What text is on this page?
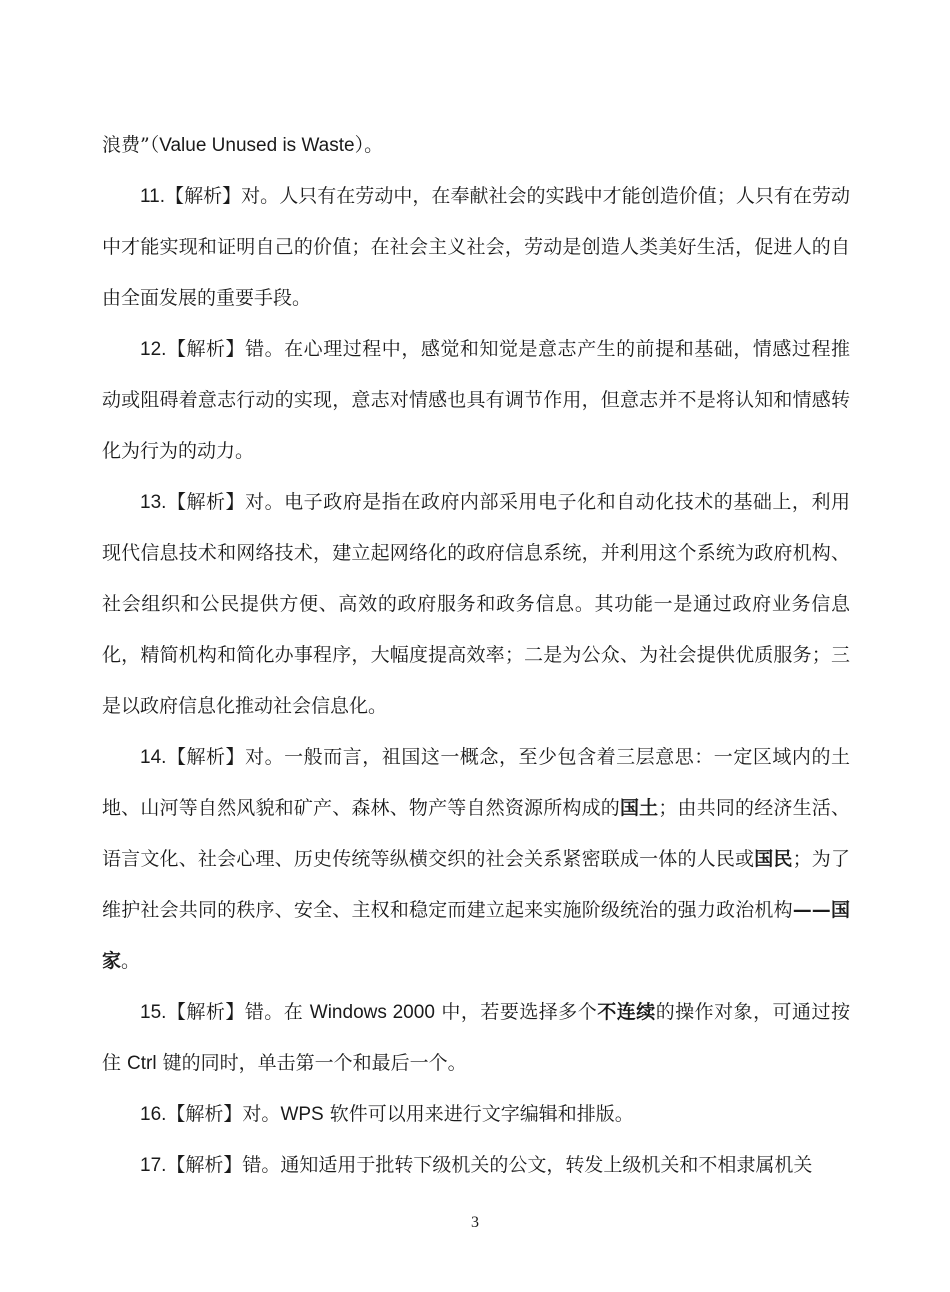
浪费”（Value Unused is Waste）。

11.【解析】对。人只有在劳动中，在奉献社会的实践中才能创造价值；人只有在劳动中才能实现和证明自己的价值；在社会主义社会，劳动是创造人类美好生活，促进人的自由全面发展的重要手段。

12.【解析】错。在心理过程中，感觉和知觉是意志产生的前提和基础，情感过程推动或阻碍着意志行动的实现，意志对情感也具有调节作用，但意志并不是将认知和情感转化为行为的动力。

13.【解析】对。电子政府是指在政府内部采用电子化和自动化技术的基础上，利用现代信息技术和网络技术，建立起网络化的政府信息系统，并利用这个系统为政府机构、社会组织和公民提供方便、高效的政府服务和政务信息。其功能一是通过政府业务信息化，精简机构和简化办事程序，大幅度提高效率；二是为公众、为社会提供优质服务；三是以政府信息化推动社会信息化。

14.【解析】对。一般而言，祖国这一概念，至少包含着三层意思：一定区域内的土地、山河等自然风貌和矿产、森林、物产等自然资源所构成的国土；由共同的经济生活、语言文化、社会心理、历史传统等纵横交织的社会关系紧密联成一体的人民或国民；为了维护社会共同的秩序、安全、主权和稳定而建立起来实施阶级统治的强力政治机构——国家。

15.【解析】错。在 Windows 2000 中，若要选择多个不连续的操作对象，可通过按住 Ctrl 键的同时，单击第一个和最后一个。

16.【解析】对。WPS 软件可以用来进行文字编辑和排版。

17.【解析】错。通知适用于批转下级机关的公文，转发上级机关和不相隶属机关

3
